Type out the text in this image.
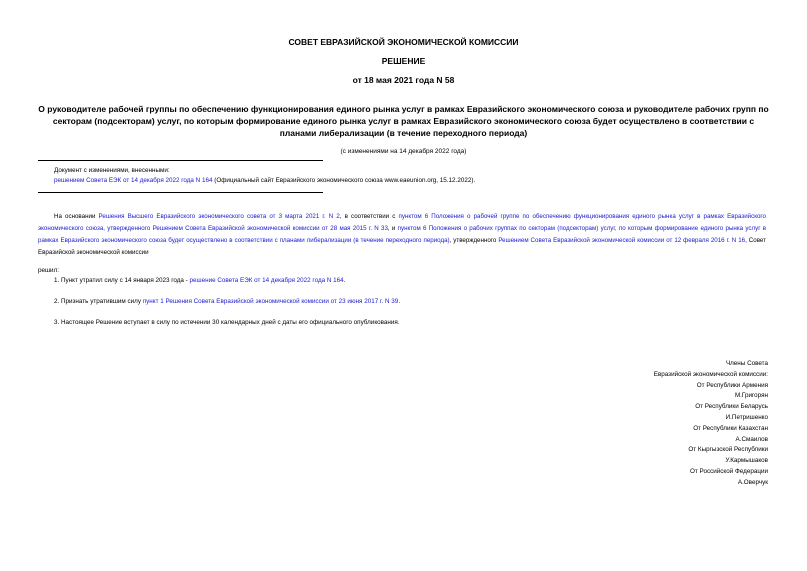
СОВЕТ ЕВРАЗИЙСКОЙ ЭКОНОМИЧЕСКОЙ КОМИССИИ
РЕШЕНИЕ
от 18 мая 2021 года N 58
О руководителе рабочей группы по обеспечению функционирования единого рынка услуг в рамках Евразийского экономического союза и руководителе рабочих групп по секторам (подсекторам) услуг, по которым формирование единого рынка услуг в рамках Евразийского экономического союза будет осуществлено в соответствии с планами либерализации (в течение переходного периода)
(с изменениями на 14 декабря 2022 года)
Документ с изменениями, внесенными:
решением Совета ЕЭК от 14 декабря 2022 года N 164 (Официальный сайт Евразийского экономического союза www.eaeunion.org, 15.12.2022).
На основании Решения Высшего Евразийского экономического совета от 3 марта 2021 г. N 2, в соответствии с пунктом 6 Положения о рабочей группе по обеспечению функционирования единого рынка услуг в рамках Евразийского экономического союза, утвержденного Решением Совета Евразийской экономической комиссии от 28 мая 2015 г. N 33, и пунктом 6 Положения о рабочих группах по секторам (подсекторам) услуг, по которым формирование единого рынка услуг в рамках Евразийского экономического союза будет осуществлено в соответствии с планами либерализации (в течение переходного периода), утвержденного Решением Совета Евразийской экономической комиссии от 12 февраля 2016 г. N 16, Совет Евразийской экономической комиссии
решил:
1. Пункт утратил силу с 14 января 2023 года - решение Совета ЕЭК от 14 декабря 2022 года N 164.
2. Признать утратившим силу пункт 1 Решения Совета Евразийской экономической комиссии от 23 июня 2017 г. N 39.
3. Настоящее Решение вступает в силу по истечении 30 календарных дней с даты его официального опубликования.
Члены Совета
Евразийской экономической комиссии:
От Республики Армения
М.Григорян
От Республики Беларусь
И.Петришенко
От Республики Казахстан
А.Смаилов
От Кыргызской Республики
У.Кармышаков
От Российской Федерации
А.Оверчук
